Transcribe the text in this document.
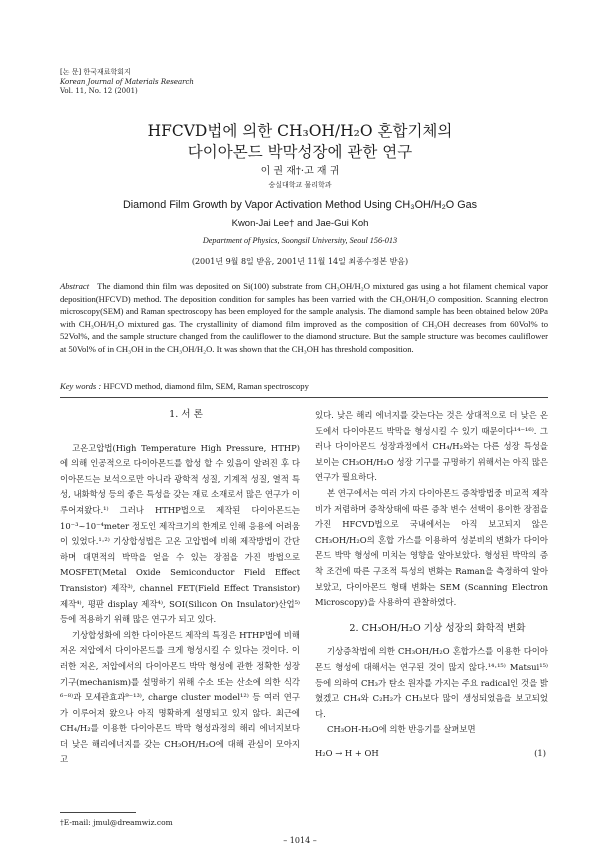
[논 문] 한국재료학회지
Korean Journal of Materials Research
Vol. 11, No. 12 (2001)
HFCVD법에 의한 CH₃OH/H₂O 혼합기체의
다이아몬드 박막성장에 관한 연구
이 권 재†·고 재 귀
숭실대학교 물리학과
Diamond Film Growth by Vapor Activation Method Using CH₃OH/H₂O Gas
Kwon-Jai Lee† and Jae-Gui Koh
Department of Physics, Soongsil University, Seoul 156-013
(2001년 9월 8일 받음, 2001년 11월 14일 최종수정본 받음)
Abstract The diamond thin film was deposited on Si(100) substrate from CH₃OH/H₂O mixtured gas using a hot filament chemical vapor deposition(HFCVD) method. The deposition condition for samples has been varried with the CH₃OH/H₂O composition. Scanning electron microscopy(SEM) and Raman spectroscopy has been employed for the sample analysis. The diamond sample has been obtained below 20Pa with CH₃OH/H₂O mixtured gas. The crystallinity of diamond film improved as the composition of CH₃OH decreases from 60Vol% to 52Vol%, and the sample structure changed from the cauliflower to the diamond structure. But the sample structure was becomes cauliflower at 50Vol% of in CH₃OH in the CH₃OH/H₂O. It was shown that the CH₃OH has threshold composition.
Key words : HFCVD method, diamond film, SEM, Raman spectroscopy

1. 서 론

고온고압법(High Temperature High Pressure, HTHP) 에 의해 인공적으로 다이아몬드를 합성 할 수 있음이 알려진 후 다이아몬드는 보석으로만 아니라 광학적 성질, 기계적 성질, 열적 특성, 내화학성 등의 좋은 특성을 갖는 재료 소재로서 많은 연구가 이루어져왔다.¹⁾ 그러나 HTHP법으로 제작된 다이아몬드는 10⁻³~10⁻⁴meter 정도인 제작크기의 한계로 인해 응용에 어려움이 있었다.¹·²⁾ 기상합성법은 고온 고압법에 비해 제작방법이 간단하며 대면적의 박막을 얻을 수 있는 장점을 가진 방법으로 MOSFET(Metal Oxide Semiconductor Field Effect Transistor) 제작³⁾, channel FET(Field Effect Transistor) 제작⁴⁾, 평판 display 제작⁴⁾, SOI(Silicon On Insulator)산업⁵⁾ 등에 적용하기 위해 많은 연구가 되고 있다.

기상합성화에 의한 다이아몬드 제작의 특징은 HTHP법에 비해 저온 저압에서 다이아몬드를 크게 형성시킬 수 있다는 것이다. 이러한 저온, 저압에서의 다이아몬드 박막 형성에 관한 정확한 성장기구(mechanism)를 설명하기 위해 수소 또는 산소에 의한 식각⁶⁻⁸⁾과 모세관효과⁹⁻¹³⁾, charge cluster model¹²⁾ 등 여러 연구가 이루어져 왔으나 아직 명확하게 설명되고 있지 않다. 최근에 CH₄/H₂를 이용한 다이아몬드 박막 형성과정의 해리 에너지보다 더 낮은 해리에너지를 갖는 CH₃OH/H₂O에 대해 관심이 모아지고

있다. 낮은 해리 에너지를 갖는다는 것은 상대적으로 더 낮은 온도에서 다이아몬드 박막을 형성시킬 수 있기 때문이다¹⁴⁻¹⁶⁾. 그러나 다이아몬드 성장과정에서 CH₄/H₂와는 다른 성장 특성을 보이는 CH₃OH/H₂O 성장 기구를 규명하기 위해서는 아직 많은 연구가 필요하다.

본 연구에서는 여러 가지 다이아몬드 증착방법중 비교적 제작비가 저렴하며 증착상태에 따른 증착 변수 선택이 용이한 장점을 가진 HFCVD법으로 국내에서는 아직 보고되지 않은 CH₃OH/H₂O의 혼합 가스를 이용하여 성분비의 변화가 다이아몬드 박막 형성에 미치는 영향을 알아보았다. 형성된 박막의 증착 조건에 따른 구조적 특성의 변화는 Raman을 측정하여 알아보았고, 다이아몬드 형태 변화는 SEM (Scanning Electron Microscopy)을 사용하여 관찰하였다.

2. CH₃OH/H₂O 기상 성장의 화학적 변화

기상증착법에 의한 CH₃OH/H₂O 혼합가스를 이용한 다이아몬드 형성에 대해서는 연구된 것이 많지 않다.¹⁴·¹⁵⁾ Matsui¹⁵⁾ 등에 의하여 CH₃가 탄소 원자를 가지는 주요 radical인 것을 밝혔겠고 CH₄와 C₂H₂가 CH₃보다 많이 생성되었음을 보고되었다.

CH₃OH-H₂O에 의한 반응기를 살펴보면

H₂O → H + OH	(1)
†E-mail: jmul@dreamwiz.com
– 1014 –
